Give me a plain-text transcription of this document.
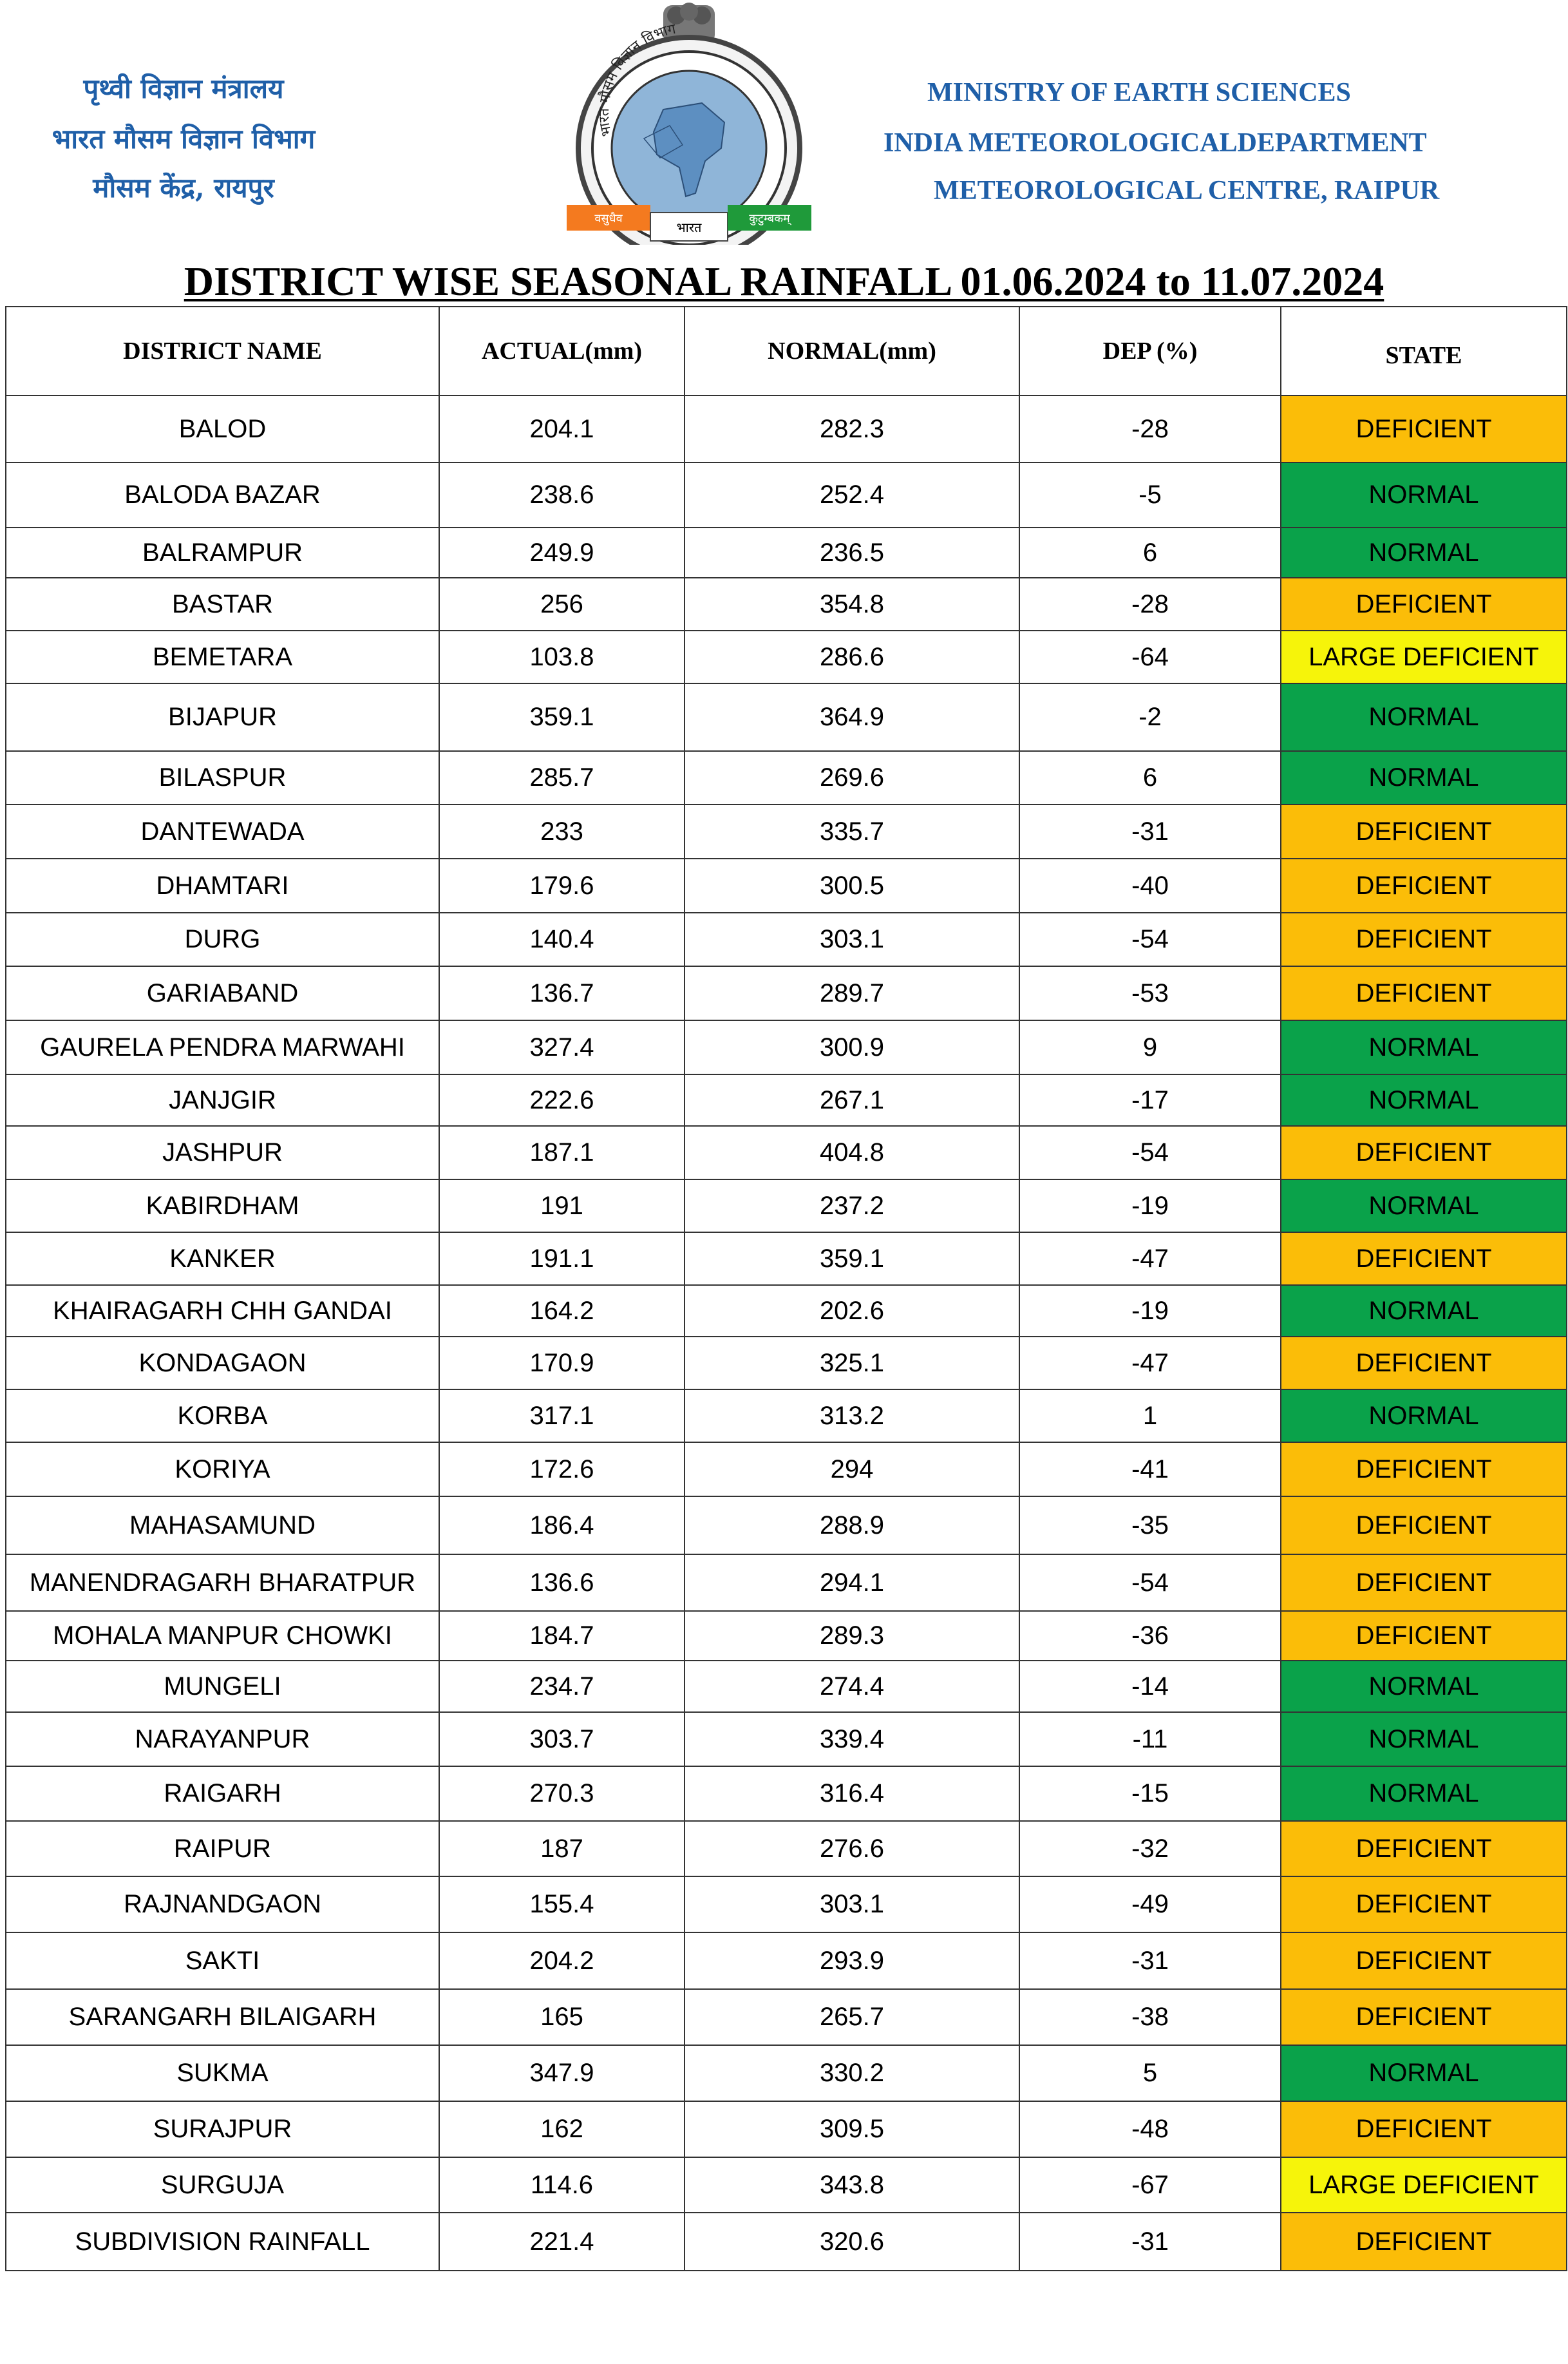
पृथ्वी विज्ञान मंत्रालय
भारत मौसम विज्ञान विभाग
मौसम केंद्र, रायपुर
भारत मौसम विज्ञान विभाग
वसुधैव
भारत
कुटुम्बकम्
MINISTRY OF EARTH SCIENCES
INDIA METEOROLOGICALDEPARTMENT
METEOROLOGICAL CENTRE, RAIPUR
DISTRICT WISE SEASONAL RAINFALL 01.06.2024 to 11.07.2024
DISTRICT NAME	ACTUAL(mm)	NORMAL(mm)	DEP (%)	STATE
BALOD	204.1	282.3	-28	DEFICIENT
BALODA BAZAR	238.6	252.4	-5	NORMAL
BALRAMPUR	249.9	236.5	6	NORMAL
BASTAR	256	354.8	-28	DEFICIENT
BEMETARA	103.8	286.6	-64	LARGE DEFICIENT
BIJAPUR	359.1	364.9	-2	NORMAL
BILASPUR	285.7	269.6	6	NORMAL
DANTEWADA	233	335.7	-31	DEFICIENT
DHAMTARI	179.6	300.5	-40	DEFICIENT
DURG	140.4	303.1	-54	DEFICIENT
GARIABAND	136.7	289.7	-53	DEFICIENT
GAURELA PENDRA MARWAHI	327.4	300.9	9	NORMAL
JANJGIR	222.6	267.1	-17	NORMAL
JASHPUR	187.1	404.8	-54	DEFICIENT
KABIRDHAM	191	237.2	-19	NORMAL
KANKER	191.1	359.1	-47	DEFICIENT
KHAIRAGARH CHH GANDAI	164.2	202.6	-19	NORMAL
KONDAGAON	170.9	325.1	-47	DEFICIENT
KORBA	317.1	313.2	1	NORMAL
KORIYA	172.6	294	-41	DEFICIENT
MAHASAMUND	186.4	288.9	-35	DEFICIENT
MANENDRAGARH BHARATPUR	136.6	294.1	-54	DEFICIENT
MOHALA MANPUR CHOWKI	184.7	289.3	-36	DEFICIENT
MUNGELI	234.7	274.4	-14	NORMAL
NARAYANPUR	303.7	339.4	-11	NORMAL
RAIGARH	270.3	316.4	-15	NORMAL
RAIPUR	187	276.6	-32	DEFICIENT
RAJNANDGAON	155.4	303.1	-49	DEFICIENT
SAKTI	204.2	293.9	-31	DEFICIENT
SARANGARH BILAIGARH	165	265.7	-38	DEFICIENT
SUKMA	347.9	330.2	5	NORMAL
SURAJPUR	162	309.5	-48	DEFICIENT
SURGUJA	114.6	343.8	-67	LARGE DEFICIENT
SUBDIVISION RAINFALL	221.4	320.6	-31	DEFICIENT
